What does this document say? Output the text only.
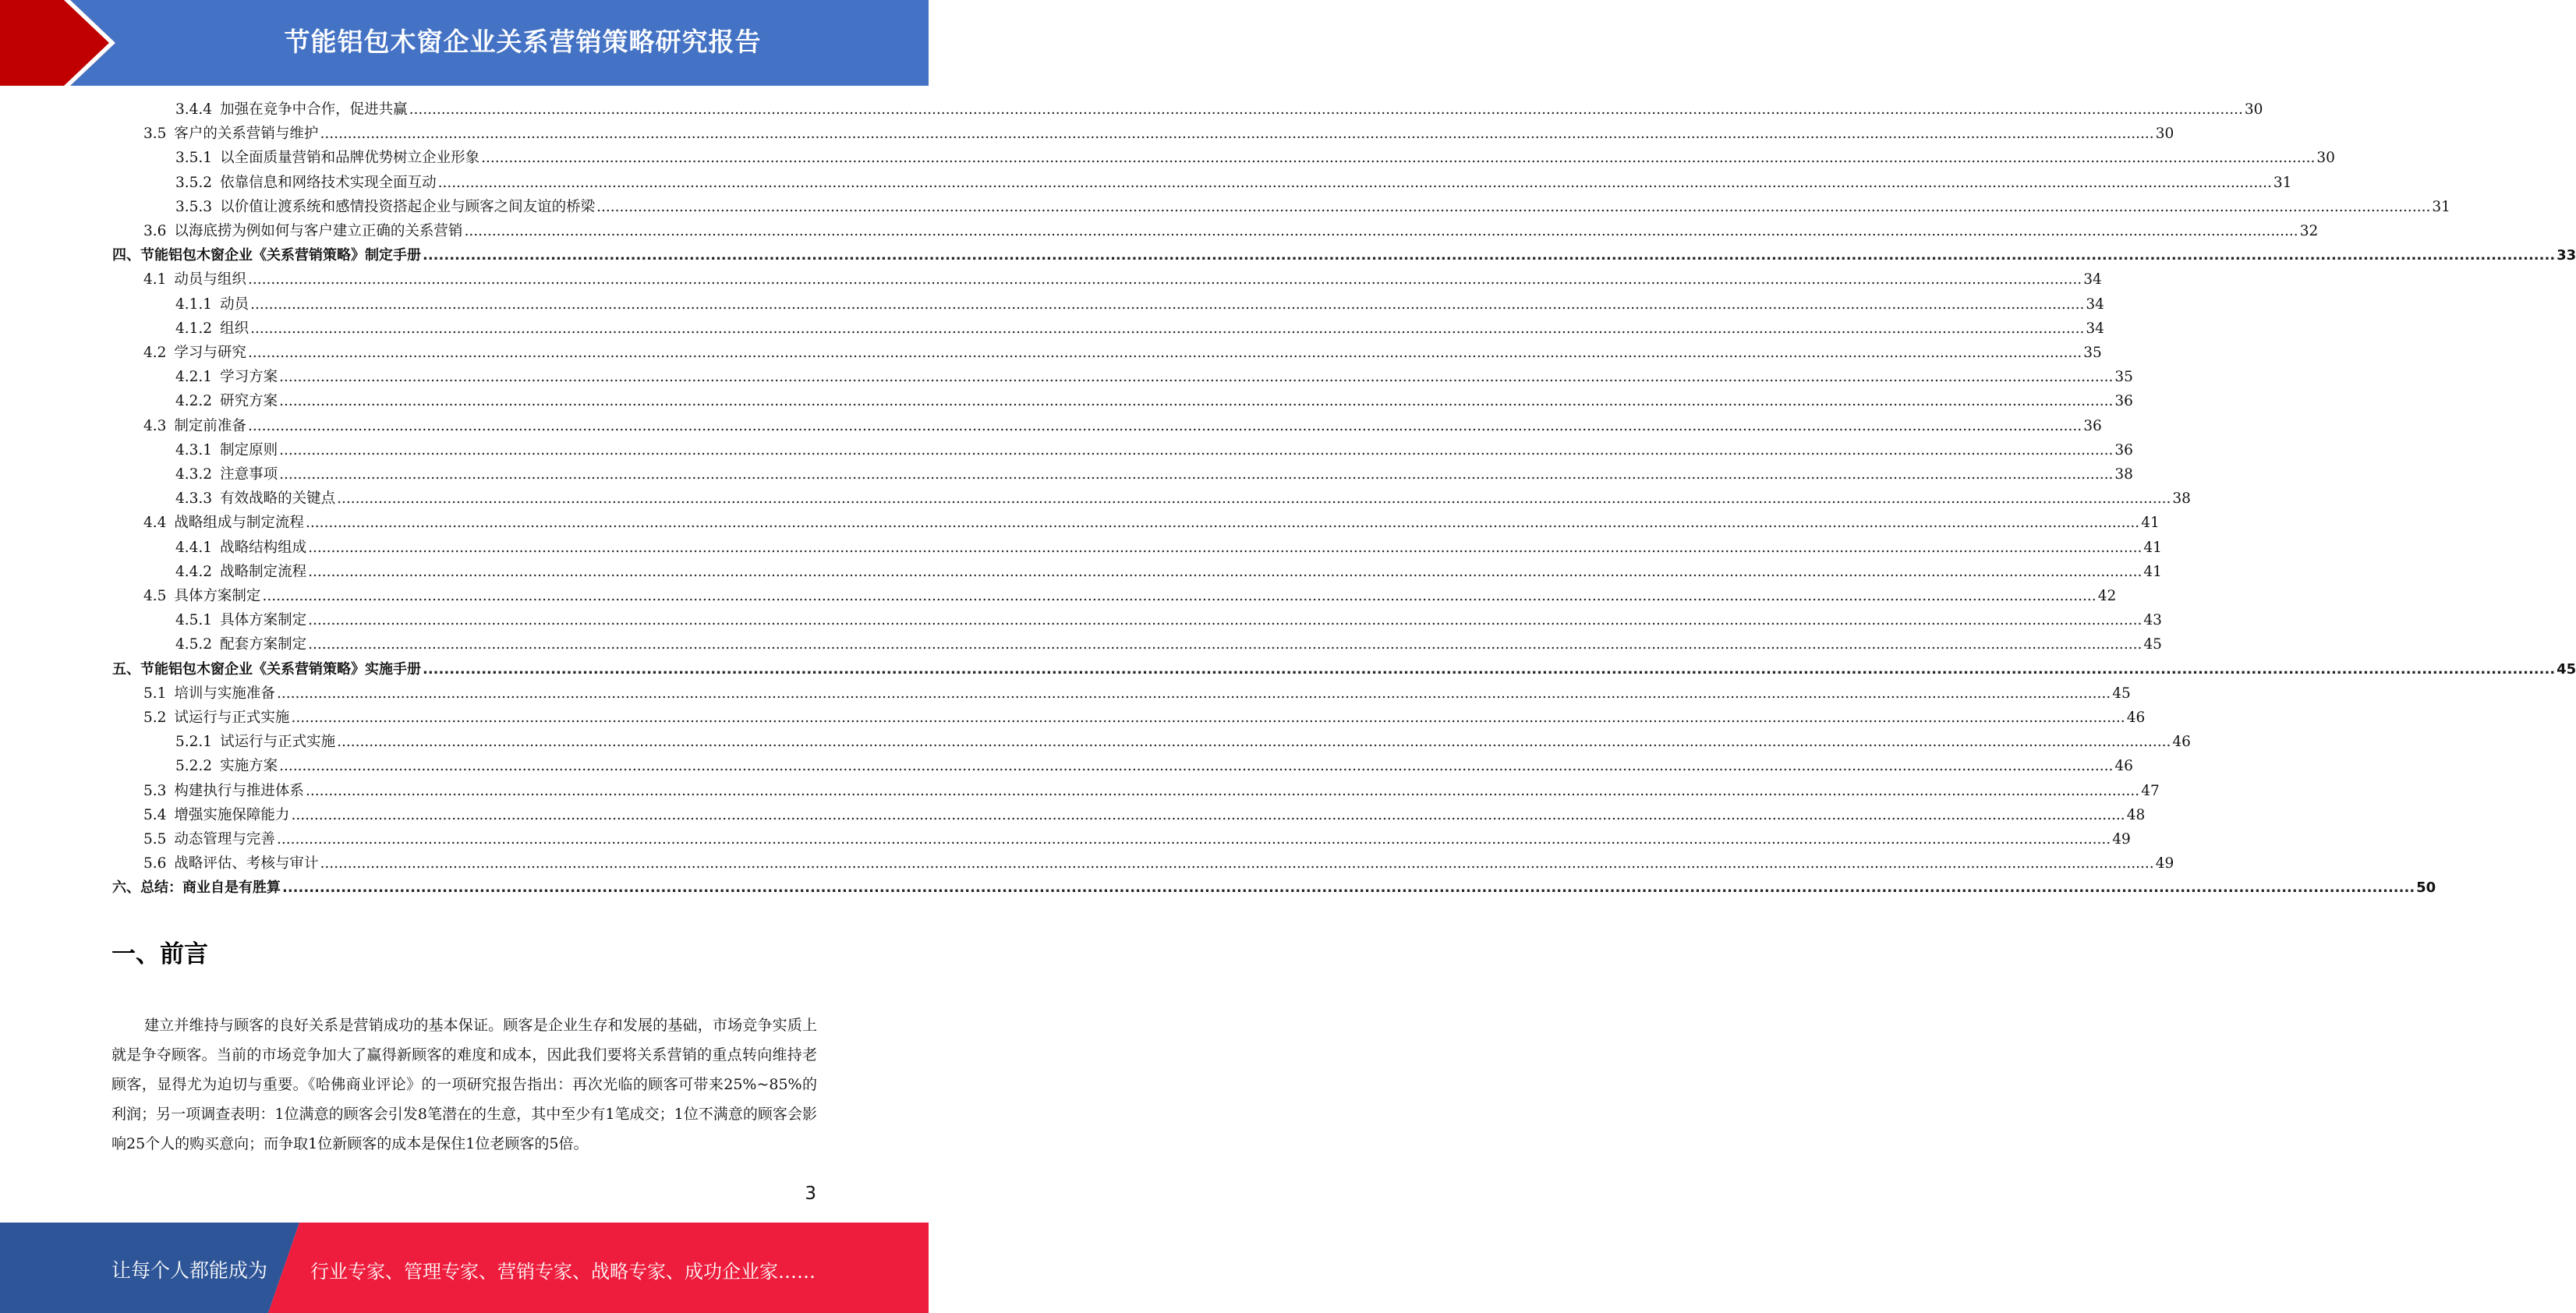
节能铝包木窗企业关系营销策略研究报告
3.4.4 加强在竞争中合作，促进共赢 ................................................................................................................................................................................................................................................................................................................................................................................................................ 30
3.5 客户的关系营销与维护 ................................................................................................................................................................................................................................................................................................................................................................................................................ 30
3.5.1 以全面质量营销和品牌优势树立企业形象 ................................................................................................................................................................................................................................................................................................................................................................................................................ 30
3.5.2 依靠信息和网络技术实现全面互动 ................................................................................................................................................................................................................................................................................................................................................................................................................ 31
3.5.3 以价值让渡系统和感情投资搭起企业与顾客之间友谊的桥梁 ................................................................................................................................................................................................................................................................................................................................................................................................................ 31
3.6 以海底捞为例如何与客户建立正确的关系营销 ................................................................................................................................................................................................................................................................................................................................................................................................................ 32
四、节能铝包木窗企业《关系营销策略》制定手册 ................................................................................................................................................................................................................................................................................................................................................................................................................ 33
4.1 动员与组织 ................................................................................................................................................................................................................................................................................................................................................................................................................ 34
4.1.1 动员 ................................................................................................................................................................................................................................................................................................................................................................................................................ 34
4.1.2 组织 ................................................................................................................................................................................................................................................................................................................................................................................................................ 34
4.2 学习与研究 ................................................................................................................................................................................................................................................................................................................................................................................................................ 35
4.2.1 学习方案 ................................................................................................................................................................................................................................................................................................................................................................................................................ 35
4.2.2 研究方案 ................................................................................................................................................................................................................................................................................................................................................................................................................ 36
4.3 制定前准备 ................................................................................................................................................................................................................................................................................................................................................................................................................ 36
4.3.1 制定原则 ................................................................................................................................................................................................................................................................................................................................................................................................................ 36
4.3.2 注意事项 ................................................................................................................................................................................................................................................................................................................................................................................................................ 38
4.3.3 有效战略的关键点 ................................................................................................................................................................................................................................................................................................................................................................................................................ 38
4.4 战略组成与制定流程 ................................................................................................................................................................................................................................................................................................................................................................................................................ 41
4.4.1 战略结构组成 ................................................................................................................................................................................................................................................................................................................................................................................................................ 41
4.4.2 战略制定流程 ................................................................................................................................................................................................................................................................................................................................................................................................................ 41
4.5 具体方案制定 ................................................................................................................................................................................................................................................................................................................................................................................................................ 42
4.5.1 具体方案制定 ................................................................................................................................................................................................................................................................................................................................................................................................................ 43
4.5.2 配套方案制定 ................................................................................................................................................................................................................................................................................................................................................................................................................ 45
五、节能铝包木窗企业《关系营销策略》实施手册 ................................................................................................................................................................................................................................................................................................................................................................................................................ 45
5.1 培训与实施准备 ................................................................................................................................................................................................................................................................................................................................................................................................................ 45
5.2 试运行与正式实施 ................................................................................................................................................................................................................................................................................................................................................................................................................ 46
5.2.1 试运行与正式实施 ................................................................................................................................................................................................................................................................................................................................................................................................................ 46
5.2.2 实施方案 ................................................................................................................................................................................................................................................................................................................................................................................................................ 46
5.3 构建执行与推进体系 ................................................................................................................................................................................................................................................................................................................................................................................................................ 47
5.4 增强实施保障能力 ................................................................................................................................................................................................................................................................................................................................................................................................................ 48
5.5 动态管理与完善 ................................................................................................................................................................................................................................................................................................................................................................................................................ 49
5.6 战略评估、考核与审计 ................................................................................................................................................................................................................................................................................................................................................................................................................ 49
六、总结：商业自是有胜算 ................................................................................................................................................................................................................................................................................................................................................................................................................ 50
一、前言
建立并维持与顾客的良好关系是营销成功的基本保证。顾客是企业生存和发展的基础，市场竞争实质上就是争夺顾客。当前的市场竞争加大了赢得新顾客的难度和成本，因此我们要将关系营销的重点转向维持老顾客，显得尤为迫切与重要。《哈佛商业评论》的一项研究报告指出：再次光临的顾客可带来25%~85%的利润；另一项调查表明：1位满意的顾客会引发8笔潜在的生意，其中至少有1笔成交；1位不满意的顾客会影响25个人的购买意向；而争取1位新顾客的成本是保住1位老顾客的5倍。
3
让每个人都能成为 行业专家、管理专家、营销专家、战略专家、成功企业家……
